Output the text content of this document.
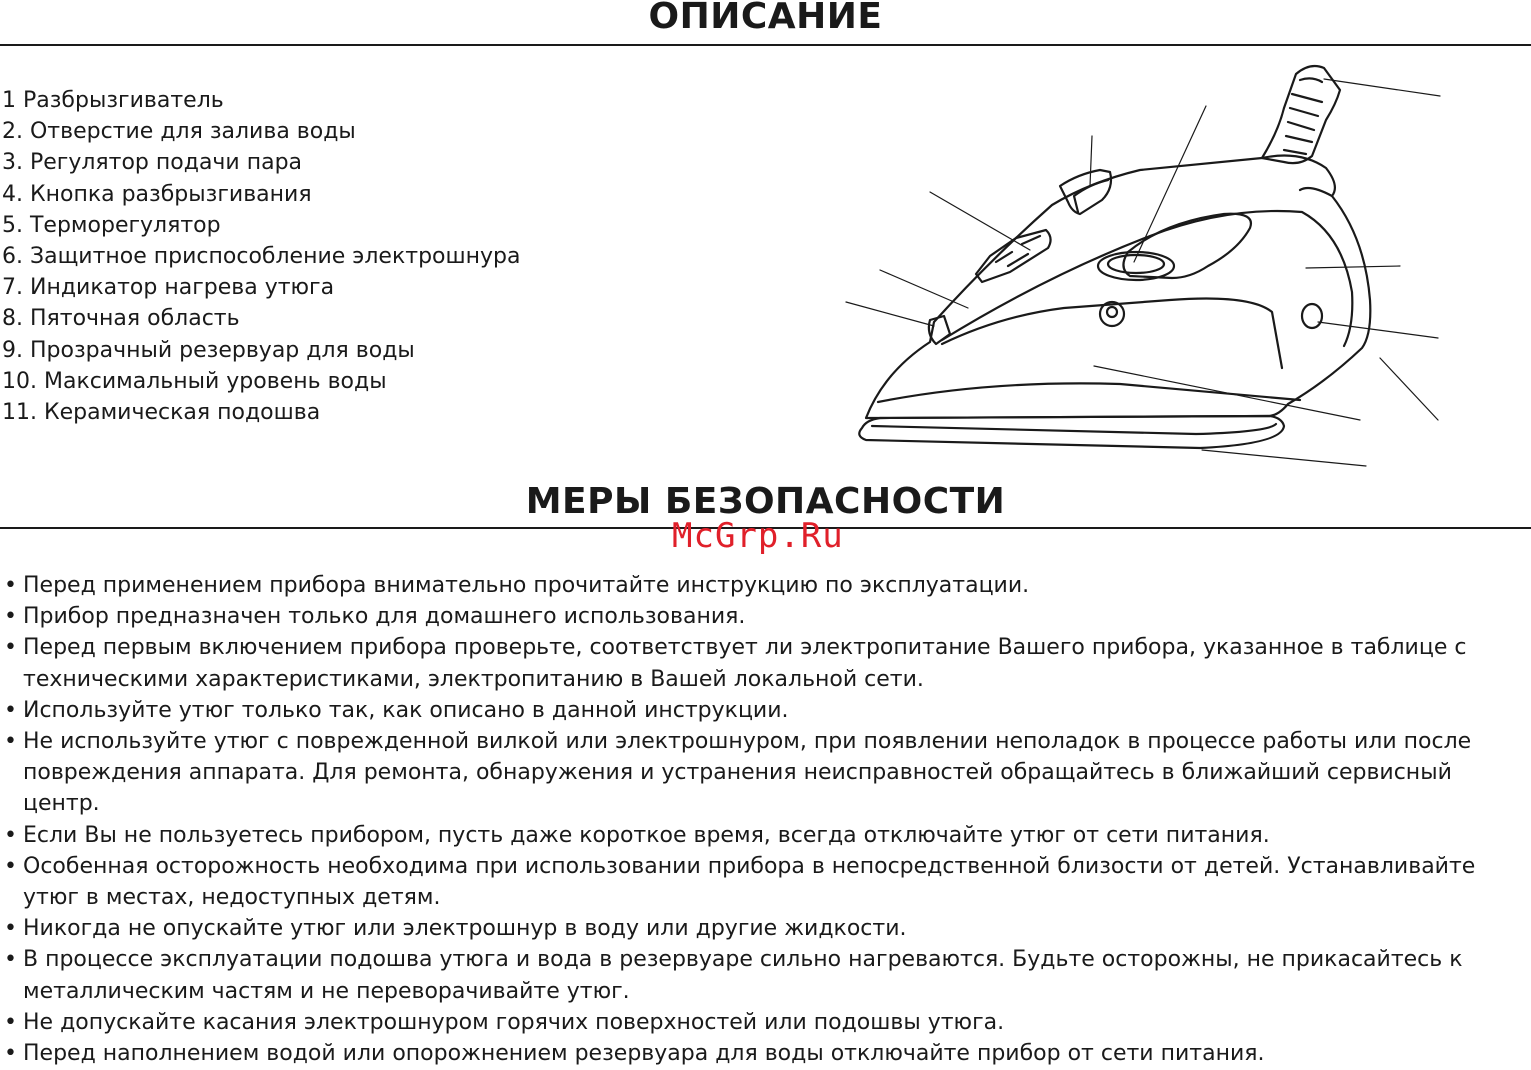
ОПИСАНИЕ
1 Разбрызгиватель
2. Отверстие для залива воды
3. Регулятор подачи пара
4. Кнопка разбрызгивания
5. Терморегулятор
6. Защитное приспособление электрошнура
7. Индикатор нагрева утюга
8. Пяточная область
9. Прозрачный резервуар для воды
10. Максимальный уровень воды
11. Керамическая подошва
МЕРЫ БЕЗОПАСНОСТИ
McGrp.Ru
• Перед применением прибора внимательно прочитайте инструкцию по эксплуатации.
• Прибор предназначен только для домашнего использования.
• Перед первым включением прибора проверьте, соответствует ли электропитание Вашего прибора, указанное в таблице с техническими характеристиками, электропитанию в Вашей локальной сети.
• Используйте утюг только так, как описано в данной инструкции.
• Не используйте утюг с поврежденной вилкой или электрошнуром, при появлении неполадок в процессе работы или после повреждения аппарата. Для ремонта, обнаружения и устранения неисправностей обращайтесь в ближайший сервисный центр.
• Если Вы не пользуетесь прибором, пусть даже короткое время, всегда отключайте утюг от сети питания.
• Особенная осторожность необходима при использовании прибора в непосредственной близости от детей. Устанавливайте утюг в местах, недоступных детям.
• Никогда не опускайте утюг или электрошнур в воду или другие жидкости.
• В процессе эксплуатации подошва утюга и вода в резервуаре сильно нагреваются. Будьте осторожны, не прикасайтесь к металлическим частям и не переворачивайте утюг.
• Не допускайте касания электрошнуром горячих поверхностей или подошвы утюга.
• Перед наполнением водой или опорожнением резервуара для воды отключайте прибор от сети питания.
